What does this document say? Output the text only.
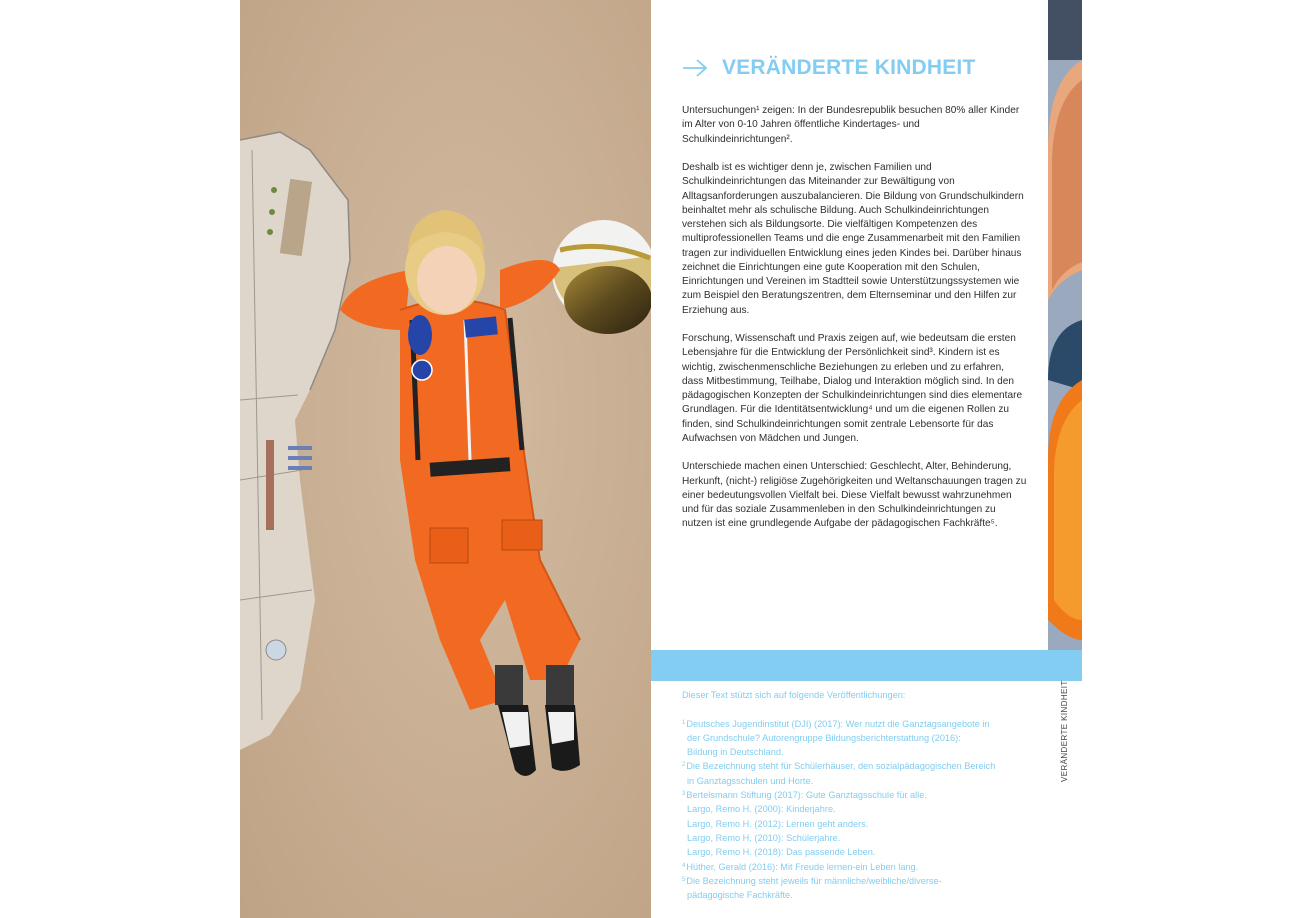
VERÄNDERTE KINDHEIT

Untersuchungen¹ zeigen: In der Bundesrepublik besuchen 80% aller Kinder im Alter von 0-10 Jahren öffentliche Kindertages- und Schulkindeinrichtungen².

Deshalb ist es wichtiger denn je, zwischen Familien und Schulkindeinrichtungen das Miteinander zur Bewältigung von Alltagsanforderungen auszubalancieren. Die Bildung von Grundschulkindern beinhaltet mehr als schulische Bildung. Auch Schulkindeinrichtungen verstehen sich als Bildungsorte. Die vielfältigen Kompetenzen des multiprofessionellen Teams und die enge Zusammenarbeit mit den Familien tragen zur individuellen Entwicklung eines jeden Kindes bei. Darüber hinaus zeichnet die Einrichtungen eine gute Kooperation mit den Schulen, Einrichtungen und Vereinen im Stadtteil sowie Unterstützungssystemen wie zum Beispiel den Beratungszentren, dem Elternseminar und den Hilfen zur Erziehung aus.

Forschung, Wissenschaft und Praxis zeigen auf, wie bedeutsam die ersten Lebensjahre für die Entwicklung der Persönlichkeit sind³. Kindern ist es wichtig, zwischenmenschliche Beziehungen zu erleben und zu erfahren, dass Mitbestimmung, Teilhabe, Dialog und Interaktion möglich sind. In den pädagogischen Konzepten der Schulkindeinrichtungen sind dies elementare Grundlagen. Für die Identitätsentwicklung⁴ und um die eigenen Rollen zu finden, sind Schulkindeinrichtungen somit zentrale Lebensorte für das Aufwachsen von Mädchen und Jungen.

Unterschiede machen einen Unterschied: Geschlecht, Alter, Behinderung, Herkunft, (nicht-) religiöse Zugehörigkeiten und Weltanschauungen tragen zu einer bedeutungsvollen Vielfalt bei. Diese Vielfalt bewusst wahrzunehmen und für das soziale Zusammenleben in den Schulkindeinrichtungen zu nutzen ist eine grundlegende Aufgabe der pädagogischen Fachkräfte⁵.

Dieser Text stützt sich auf folgende Veröffentlichungen:

$^1$Deutsches Jugendinstitut (DJI) (2017): Wer nutzt die Ganztagsangebote in
der Grundschule? Autorengruppe Bildungsberichterstattung (2016):
Bildung in Deutschland.

$^2$Die Bezeichnung steht für Schülerhäuser, den sozialpädagogischen Bereich
in Ganztagsschulen und Horte.

$^3$Bertelsmann Stiftung (2017): Gute Ganztagsschule für alle.
Largo, Remo H. (2000): Kinderjahre.
Largo, Remo H. (2012): Lernen geht anders.
Largo, Remo H. (2010): Schülerjahre.
Largo, Remo H. (2018): Das passende Leben.

$^4$Hüther, Gerald (2016): Mit Freude lernen-ein Leben lang.

$^5$Die Bezeichnung steht jeweils für männliche/weibliche/diverse-
pädagogische Fachkräfte.

VERÄNDERTE KINDHEIT
